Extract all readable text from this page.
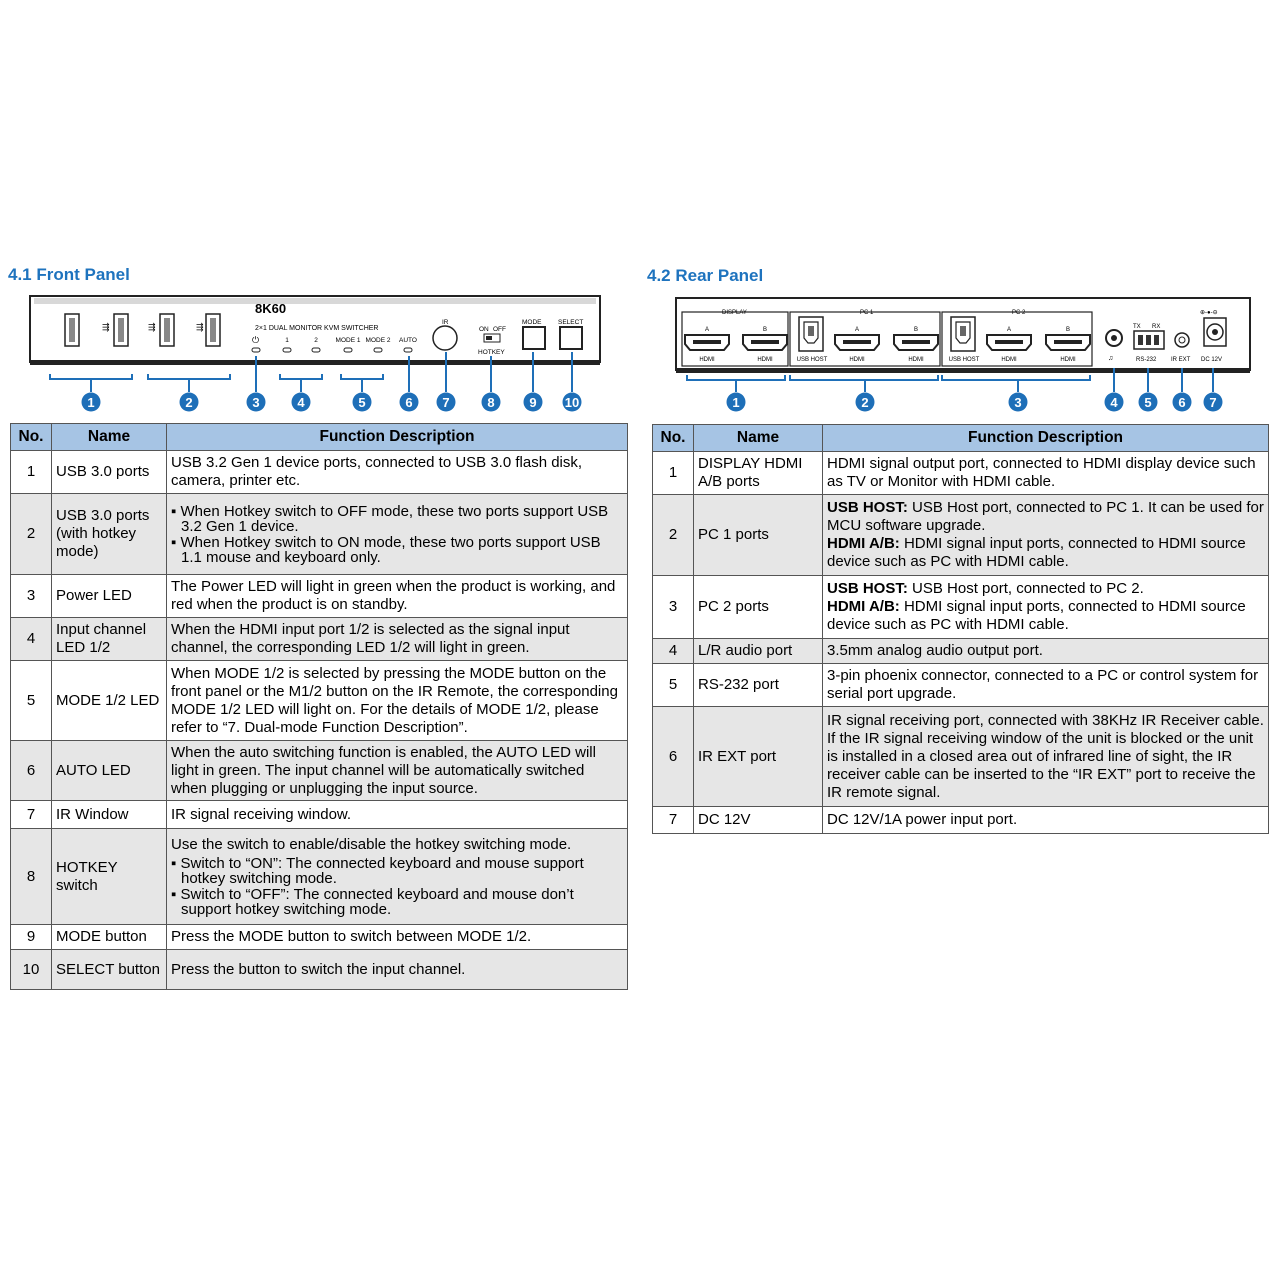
4.1 Front Panel
⇶	⇶	⇶
8K60
2×1 DUAL MONITOR KVM SWITCHER
⏻	1	2	MODE 1 MODE 2 AUTO
IR
ON OFF
HOTKEY
MODE	SELECT
1	2	3	4	5	6 7	8	9 10
No.	Name	Function Description
1	USB 3.0 ports	USB 3.2 Gen 1 device ports, connected to USB 3.0 flash disk, camera, printer etc.
2	USB 3.0 ports (with hotkey mode)	▪ When Hotkey switch to OFF mode, these two ports support USB 3.2 Gen 1 device.
▪ When Hotkey switch to ON mode, these two ports support USB 1.1 mouse and keyboard only.

3	Power LED	The Power LED will light in green when the product is working, and red when the product is on standby.
4	Input channel LED 1/2	When the HDMI input port 1/2 is selected as the signal input channel, the corresponding LED 1/2 will light in green.
5	MODE 1/2 LED	When MODE 1/2 is selected by pressing the MODE button on the front panel or the M1/2 button on the IR Remote, the corresponding MODE 1/2 LED will light on. For the details of MODE 1/2, please refer to “7. Dual-mode Function Description”.
6	AUTO LED	When the auto switching function is enabled, the AUTO LED will light in green. The input channel will be automatically switched when plugging or unplugging the input source.
7	IR Window	IR signal receiving window.
8	HOTKEY switch	Use the switch to enable/disable the hotkey switching mode.
▪ Switch to “ON”: The connected keyboard and mouse support hotkey switching mode.
▪ Switch to “OFF”: The connected keyboard and mouse don’t support hotkey switching mode.

9	MODE button	Press the MODE button to switch between MODE 1/2.
10	SELECT button	Press the button to switch the input channel.
4.2 Rear Panel
DISPLAY	PC 1	PC 2
A
HDMI
B
HDMI	USB HOST
A
HDMI
B
HDMI	USB HOST
A
HDMI
B
HDMI	♫
TX RX
RS-232 IR EXT
⊕-●-⊖
DC 12V
1	2	3	4 5 6 7
No.	Name	Function Description
1	DISPLAY HDMI A/B ports	HDMI signal output port, connected to HDMI display device such as TV or Monitor with HDMI cable.
2	PC 1 ports	USB HOST: USB Host port, connected to PC 1. It can be used for MCU software upgrade.
HDMI A/B: HDMI signal input ports, connected to HDMI source device such as PC with HDMI cable.

3	PC 2 ports	USB HOST: USB Host port, connected to PC 2.
HDMI A/B: HDMI signal input ports, connected to HDMI source device such as PC with HDMI cable.

4	L/R audio port	3.5mm analog audio output port.
5	RS-232 port	3-pin phoenix connector, connected to a PC or control system for serial port upgrade.
6	IR EXT port	IR signal receiving port, connected with 38KHz IR Receiver cable. If the IR signal receiving window of the unit is blocked or the unit is installed in a closed area out of infrared line of sight, the IR receiver cable can be inserted to the “IR EXT” port to receive the IR remote signal.
7	DC 12V	DC 12V/1A power input port.
